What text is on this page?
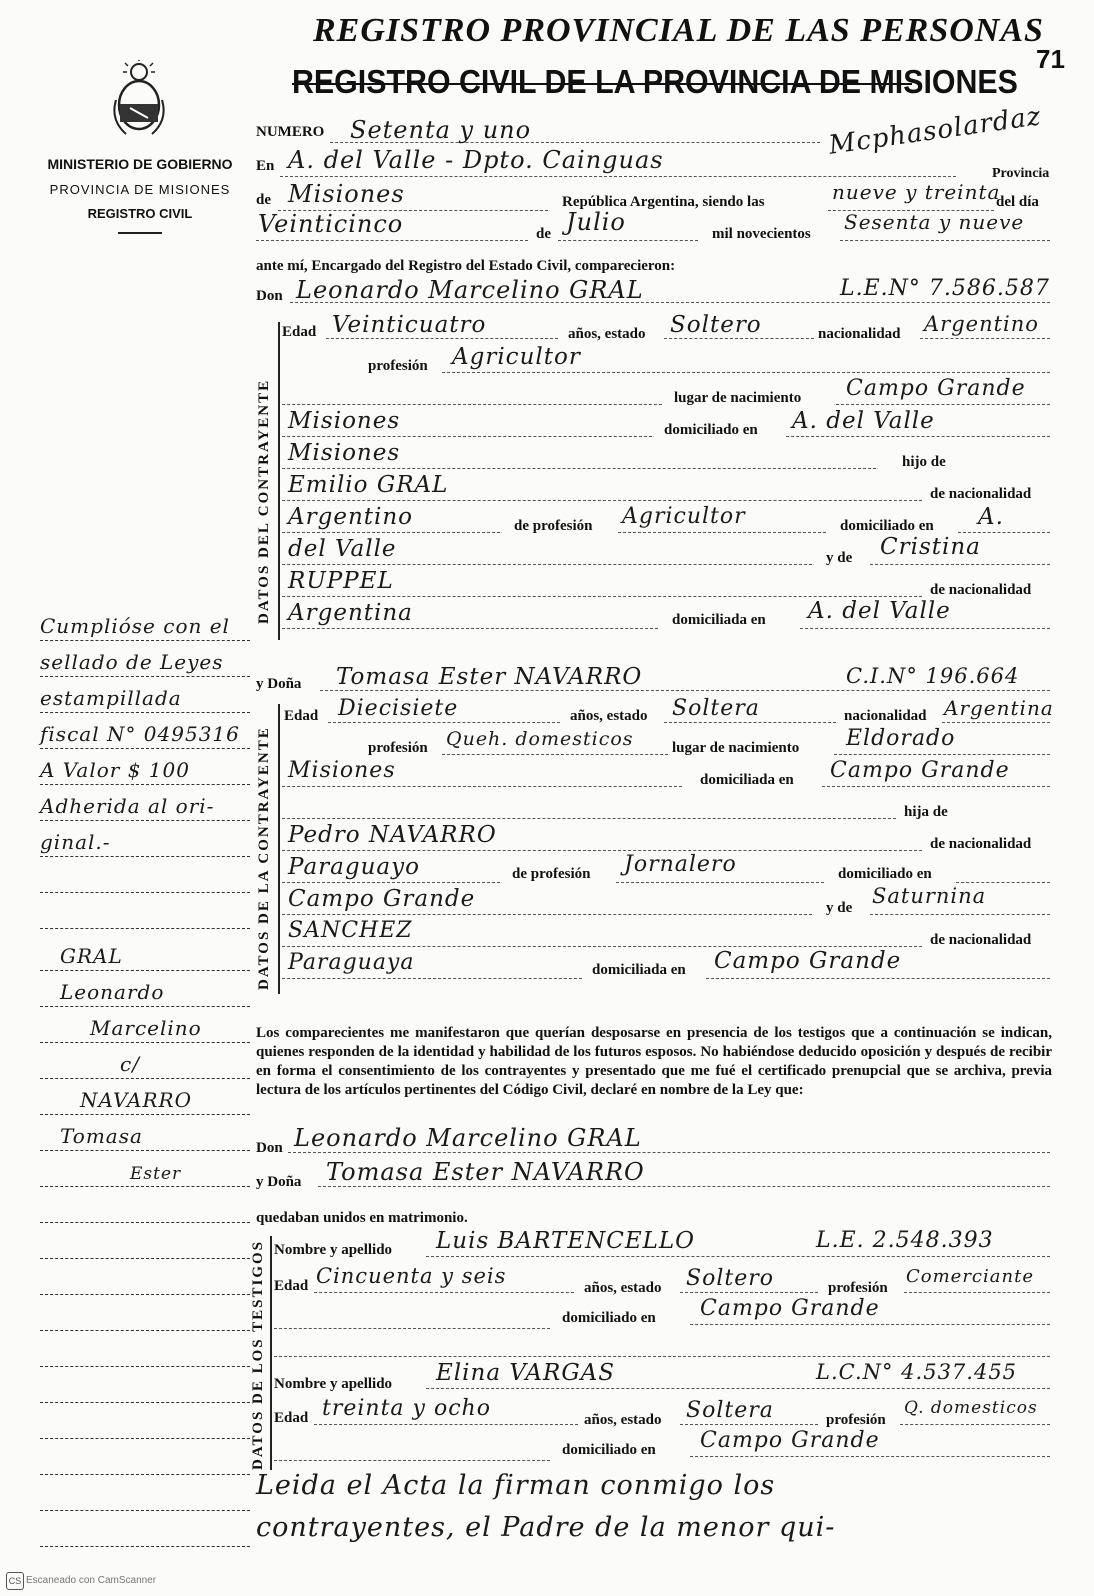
MINISTERIO DE GOBIERNO
PROVINCIA DE MISIONES
REGISTRO CIVIL
REGISTRO PROVINCIAL DE LAS PERSONAS
REGISTRO CIVIL DE LA PROVINCIA DE MISIONES
71
Mcphasolardaz
NUMERO Setenta y uno
En A. del Valle - Dpto. Cainguas	Provincia
de Misiones	República Argentina, siendo las	nueve y treinta
del día
Veinticinco	de Julio	mil novecientos Sesenta y nueve
ante mí, Encargado del Registro del Estado Civil, comparecieron:
Don Leonardo Marcelino GRAL	L.E.N° 7.586.587
DATOS DEL CONTRAYENTE
Edad Veinticuatro	años, estado Soltero	nacionalidad Argentino
profesión Agricultor
lugar de nacimiento Campo Grande
Misiones	domiciliado en A. del Valle
Misiones	hijo de
Emilio GRAL	de nacionalidad
Argentino	de profesión Agricultor	domiciliado en A.
del Valle	y de Cristina
RUPPEL	de nacionalidad
Argentina	domiciliada en A. del Valle
y Doña Tomasa Ester NAVARRO	C.I.N° 196.664
DATOS DE LA CONTRAYENTE
Edad Diecisiete	años, estado Soltera	nacionalidad Argentina
profesión Queh. domesticos	lugar de nacimiento Eldorado
Misiones	domiciliada en Campo Grande
hija de
Pedro NAVARRO	de nacionalidad
Paraguayo	de profesión Jornalero	domiciliado en
Campo Grande	y de Saturnina
SANCHEZ	de nacionalidad
Paraguaya	domiciliada en Campo Grande
Los comparecientes me manifestaron que querían desposarse en presencia de los testigos que a continuación se indican, quienes responden de la identidad y habilidad de los futuros esposos. No habiéndose deducido oposición y después de recibir en forma el consentimiento de los contrayentes y presentado que me fué el certificado prenupcial que se archiva, previa lectura de los artículos pertinentes del Código Civil, declaré en nombre de la Ley que:
Don Leonardo Marcelino GRAL
y Doña Tomasa Ester NAVARRO
quedaban unidos en matrimonio.
DATOS DE LOS TESTIGOS Nombre y apellido Luis BARTENCELLO	L.E. 2.548.393
Edad Cincuenta y seis	años, estado Soltero	profesión
Comerciante
domiciliado en Campo Grande
Nombre y apellido Elina VARGAS	L.C.N° 4.537.455
Edad treinta y ocho	años, estado Soltera	profesión
Q. domesticos
domiciliado en Campo Grande
Leida el Acta la firman conmigo los
contrayentes, el Padre de la menor qui-
Cumplióse con el
sellado de Leyes
estampillada
fiscal N° 0495316
A Valor $ 100
Adherida al ori-
ginal.-
GRAL
Leonardo
Marcelino
c/
NAVARRO
Tomasa
Ester
CS Escaneado con CamScanner
